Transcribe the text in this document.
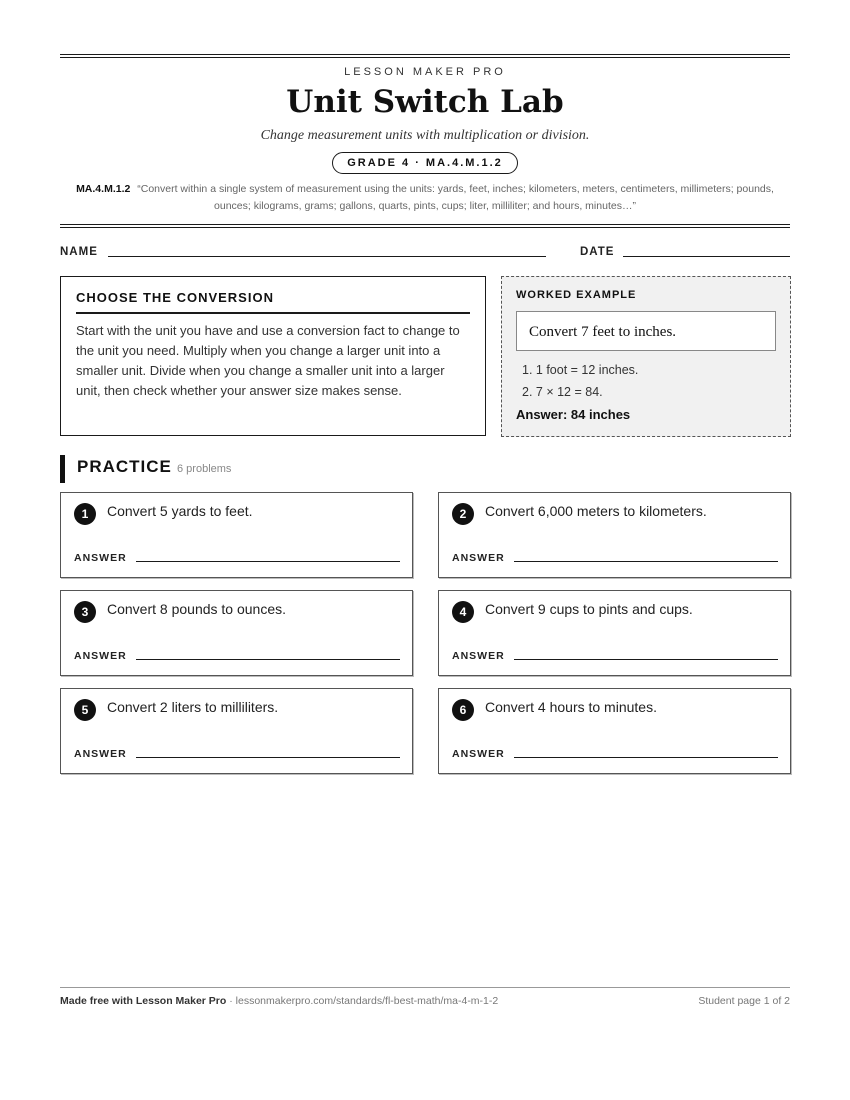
LESSON MAKER PRO
Unit Switch Lab
Change measurement units with multiplication or division.
GRADE 4 · MA.4.M.1.2
MA.4.M.1.2 “Convert within a single system of measurement using the units: yards, feet, inches; kilometers, meters, centimeters, millimeters; pounds, ounces; kilograms, grams; gallons, quarts, pints, cups; liter, milliliter; and hours, minutes…”
NAME	DATE
CHOOSE THE CONVERSION
Start with the unit you have and use a conversion fact to change to the unit you need. Multiply when you change a larger unit into a smaller unit. Divide when you change a smaller unit into a larger unit, then check whether your answer size makes sense.
WORKED EXAMPLE
Convert 7 feet to inches.
1. 1 foot = 12 inches.
2. 7 × 12 = 84.
Answer: 84 inches
PRACTICE 6 problems
1	Convert 5 yards to feet.
ANSWER
2	Convert 6,000 meters to kilometers.
ANSWER
3	Convert 8 pounds to ounces.
ANSWER
4	Convert 9 cups to pints and cups.
ANSWER
5	Convert 2 liters to milliliters.
ANSWER
6	Convert 4 hours to minutes.
ANSWER
Made free with Lesson Maker Pro · lessonmakerpro.com/standards/fl-best-math/ma-4-m-1-2	Student page 1 of 2
